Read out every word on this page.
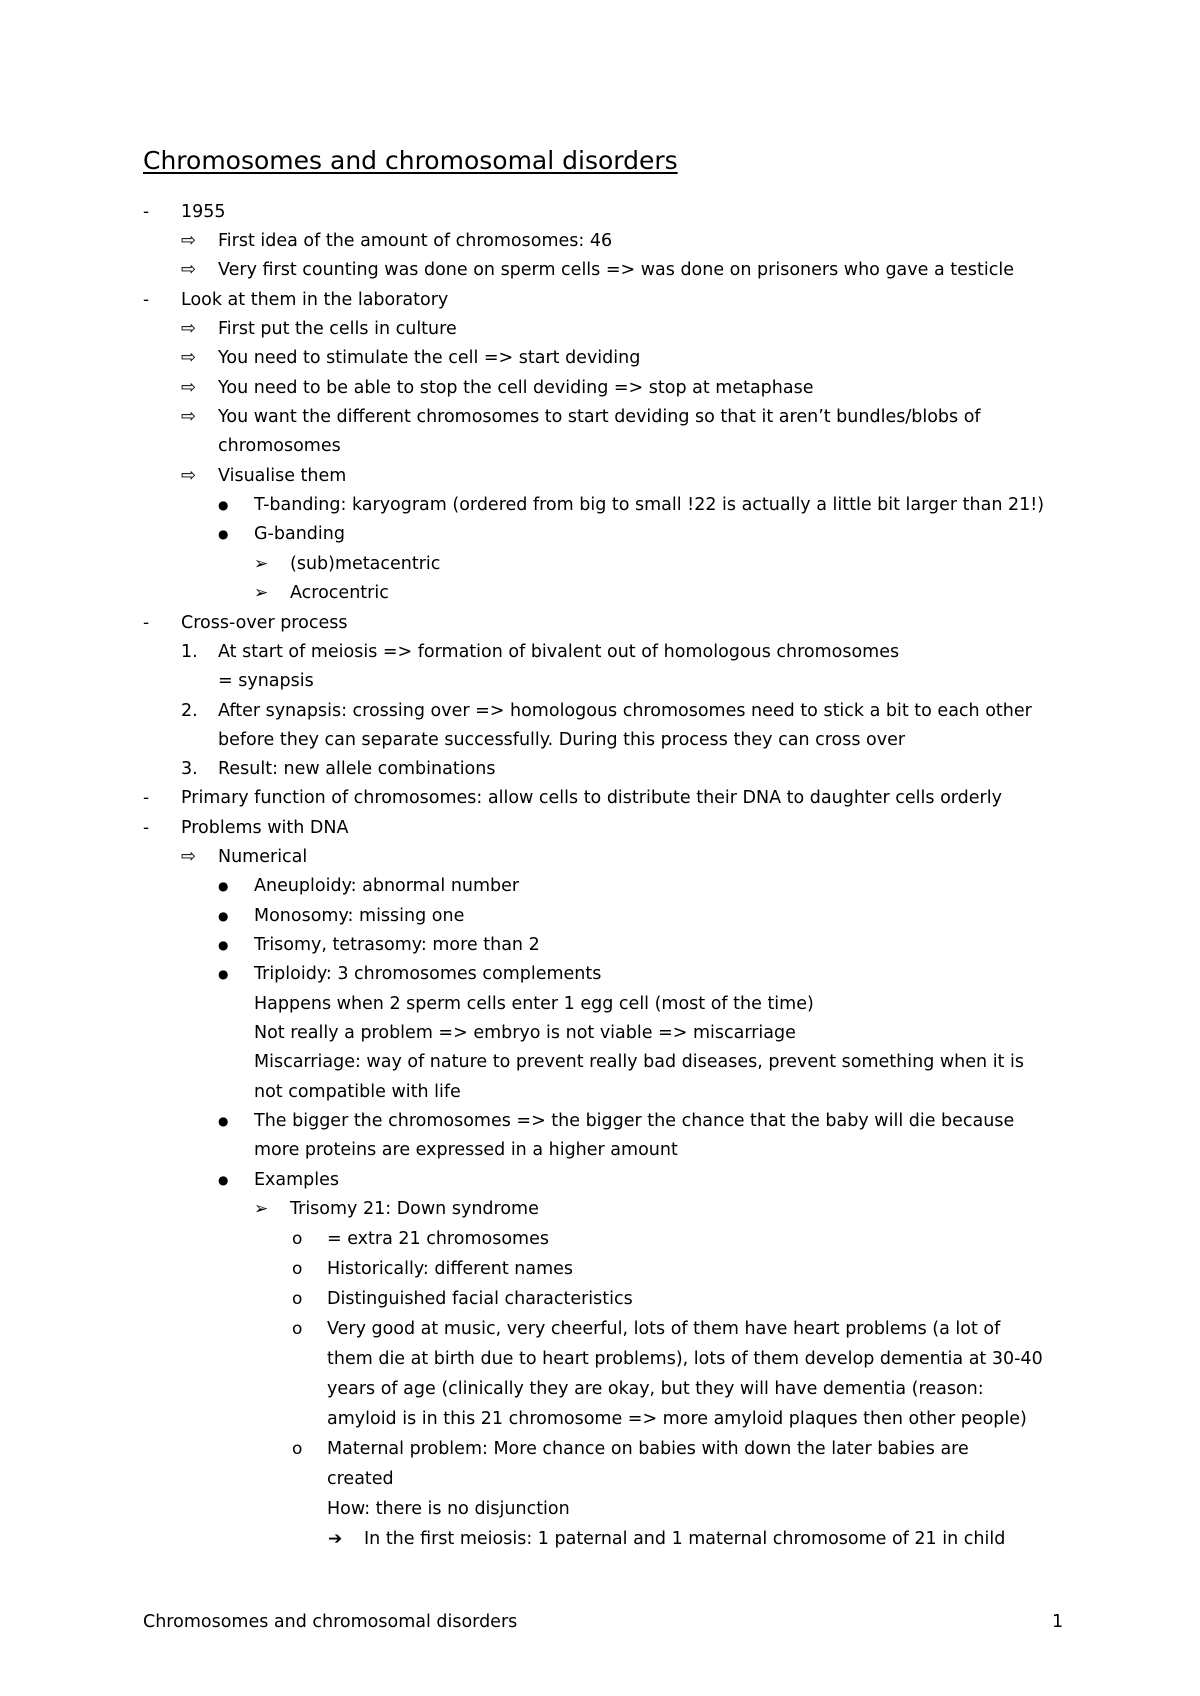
Chromosomes and chromosomal disorders
- 1955
⇨ First idea of the amount of chromosomes: 46
⇨ Very first counting was done on sperm cells => was done on prisoners who gave a testicle
- Look at them in the laboratory
⇨ First put the cells in culture
⇨ You need to stimulate the cell => start deviding
⇨ You need to be able to stop the cell deviding => stop at metaphase
⇨ You want the different chromosomes to start deviding so that it aren’t bundles/blobs of
chromosomes
⇨ Visualise them
● T-banding: karyogram (ordered from big to small !22 is actually a little bit larger than 21!)
● G-banding
➢ (sub)metacentric
➢ Acrocentric
- Cross-over process
1. At start of meiosis => formation of bivalent out of homologous chromosomes
= synapsis
2. After synapsis: crossing over => homologous chromosomes need to stick a bit to each other
before they can separate successfully. During this process they can cross over
3. Result: new allele combinations
- Primary function of chromosomes: allow cells to distribute their DNA to daughter cells orderly
- Problems with DNA
⇨ Numerical
● Aneuploidy: abnormal number
● Monosomy: missing one
● Trisomy, tetrasomy: more than 2
● Triploidy: 3 chromosomes complements
Happens when 2 sperm cells enter 1 egg cell (most of the time)
Not really a problem => embryo is not viable => miscarriage
Miscarriage: way of nature to prevent really bad diseases, prevent something when it is
not compatible with life
● The bigger the chromosomes => the bigger the chance that the baby will die because
more proteins are expressed in a higher amount
● Examples
➢ Trisomy 21: Down syndrome
o = extra 21 chromosomes
o Historically: different names
o Distinguished facial characteristics
o Very good at music, very cheerful, lots of them have heart problems (a lot of
them die at birth due to heart problems), lots of them develop dementia at 30-40
years of age (clinically they are okay, but they will have dementia (reason:
amyloid is in this 21 chromosome => more amyloid plaques then other people)
o Maternal problem: More chance on babies with down the later babies are
created
How: there is no disjunction
➔ In the first meiosis: 1 paternal and 1 maternal chromosome of 21 in child
Chromosomes and chromosomal disorders	1
